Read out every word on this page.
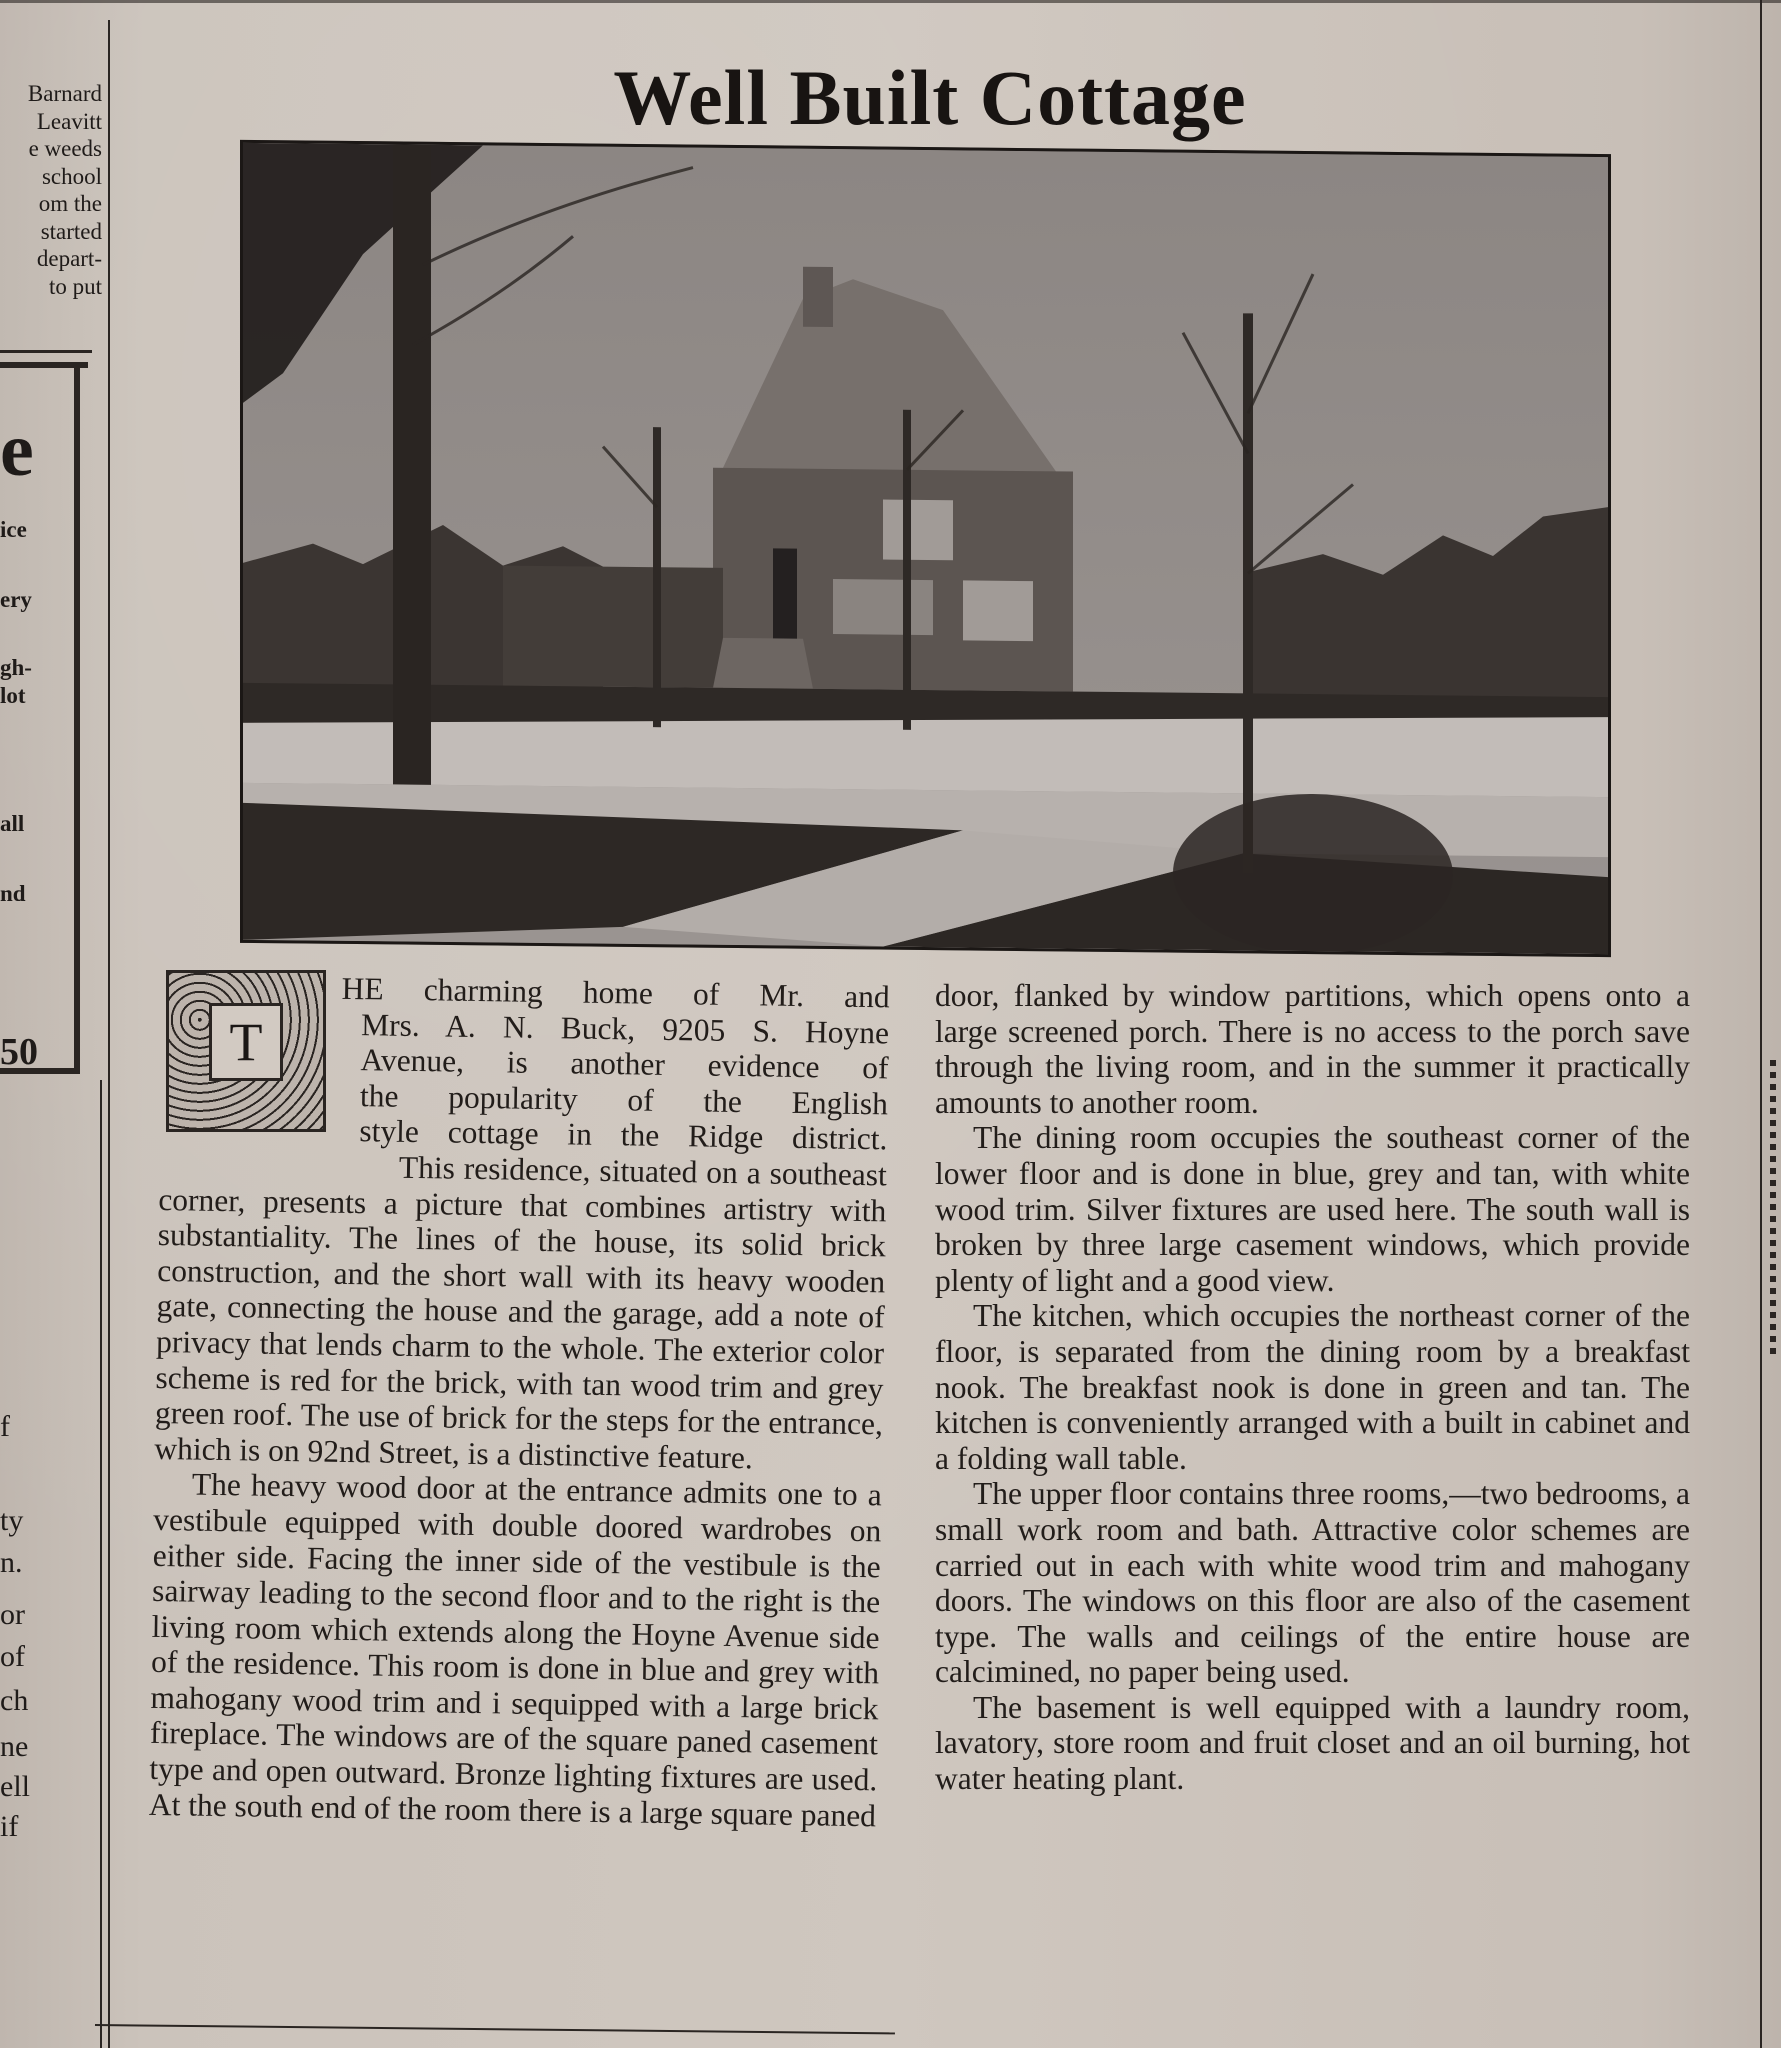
Barnard
Leavitt
e weeds
school
om the
started
depart-
to put
e
ice
ery
gh-
lot
all
nd
50
f
ty
n.
or
of
ch
ne
ell
if
Well Built Cottage
T

HE charming home of Mr. and

Mrs. A. N. Buck, 9205 S. Hoyne

Avenue, is another evidence of

the popularity of the English

style cottage in the Ridge district.

This residence, situated on a southeast corner, presents a picture that combines artistry with substantiality. The lines of the house, its solid brick construction, and the short wall with its heavy wooden gate, connecting the house and the garage, add a note of privacy that lends charm to the whole. The exterior color scheme is red for the brick, with tan wood trim and grey green roof. The use of brick for the steps for the entrance, which is on 92nd Street, is a distinctive feature.

The heavy wood door at the entrance admits one to a vestibule equipped with double doored wardrobes on either side. Facing the inner side of the vestibule is the sairway leading to the second floor and to the right is the living room which extends along the Hoyne Avenue side of the residence. This room is done in blue and grey with mahogany wood trim and i sequipped with a large brick fireplace. The windows are of the square paned casement type and open outward. Bronze lighting fixtures are used. At the south end of the room there is a large square paned

door, flanked by window partitions, which opens onto a large screened porch. There is no access to the porch save through the living room, and in the summer it practically amounts to another room.

The dining room occupies the southeast corner of the lower floor and is done in blue, grey and tan, with white wood trim. Silver fixtures are used here. The south wall is broken by three large casement windows, which provide plenty of light and a good view.

The kitchen, which occupies the northeast corner of the floor, is separated from the dining room by a breakfast nook. The breakfast nook is done in green and tan. The kitchen is conveniently arranged with a built in cabinet and a folding wall table.

The upper floor contains three rooms,—two bedrooms, a small work room and bath. Attractive color schemes are carried out in each with white wood trim and mahogany doors. The windows on this floor are also of the casement type. The walls and ceilings of the entire house are calcimined, no paper being used.

The basement is well equipped with a laundry room, lavatory, store room and fruit closet and an oil burning, hot water heating plant.
